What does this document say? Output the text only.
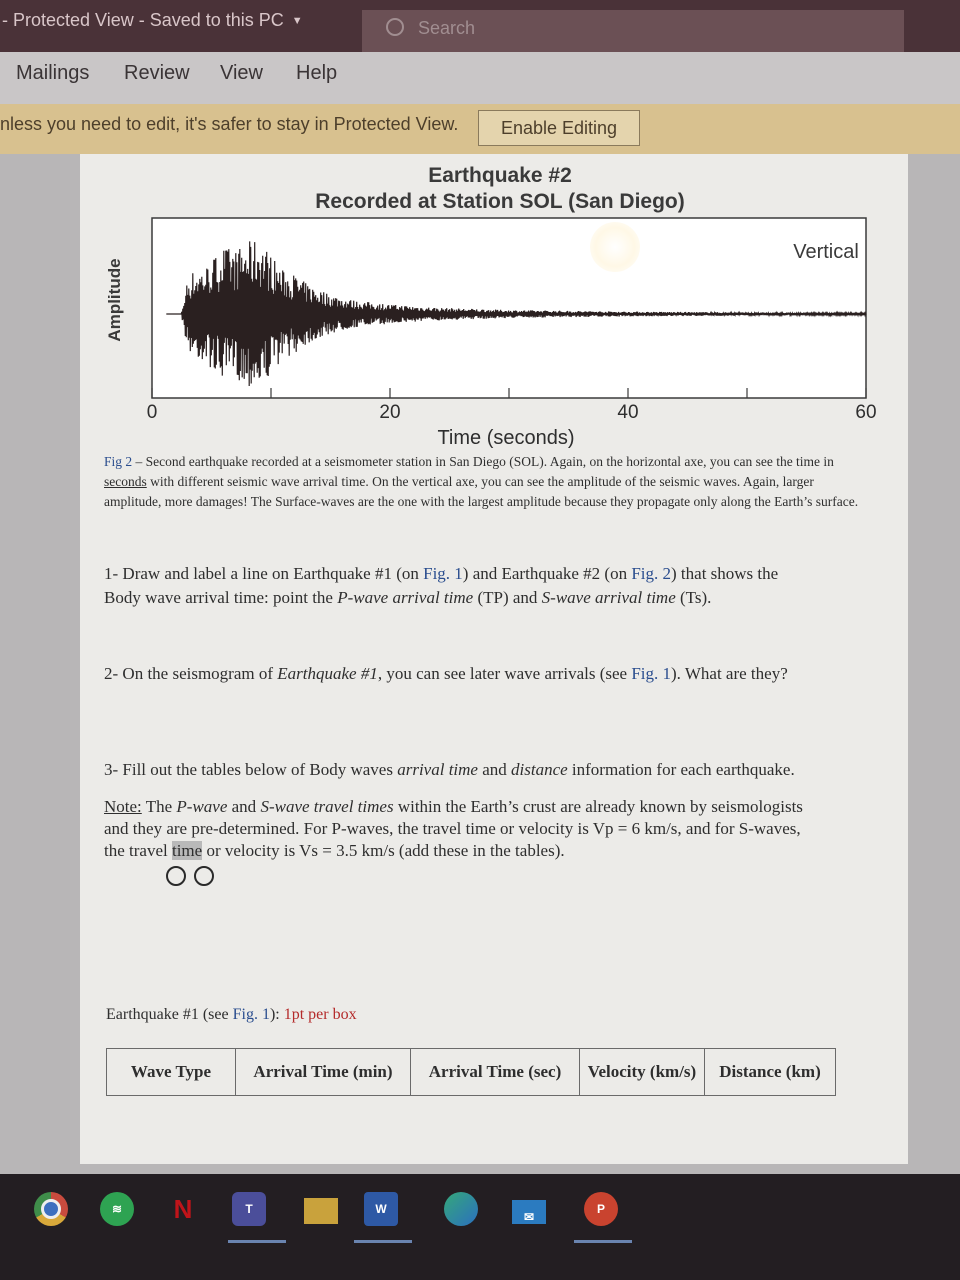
- Protected View - Saved to this PC ▼	Search
Mailings Review View Help
nless you need to edit, it's safer to stay in Protected View.	Enable Editing
Earthquake #2
Recorded at Station SOL (San Diego)
Vertical
Amplitude
Time (seconds)
0	20	40	60
Fig 2 – Second earthquake recorded at a seismometer station in San Diego (SOL). Again, on the horizontal axe, you can see the time in seconds with different seismic wave arrival time. On the vertical axe, you can see the amplitude of the seismic waves. Again, larger amplitude, more damages! The Surface-waves are the one with the largest amplitude because they propagate only along the Earth’s surface.
1- Draw and label a line on Earthquake #1 (on Fig. 1) and Earthquake #2 (on Fig. 2) that shows the
Body wave arrival time: point the P-wave arrival time (TP) and S-wave arrival time (Ts).
2- On the seismogram of Earthquake #1, you can see later wave arrivals (see Fig. 1). What are they?
3- Fill out the tables below of Body waves arrival time and distance information for each earthquake.
Note: The P-wave and S-wave travel times within the Earth’s crust are already known by seismologists
and they are pre-determined. For P-waves, the travel time or velocity is Vp = 6 km/s, and for S-waves,
the travel time or velocity is Vs = 3.5 km/s (add these in the tables).
Earthquake #1 (see Fig. 1): 1pt per box
Wave Type	Arrival Time (min)	Arrival Time (sec)	Velocity (km/s)	Distance (km)
≋	N	T	W
✉
P
